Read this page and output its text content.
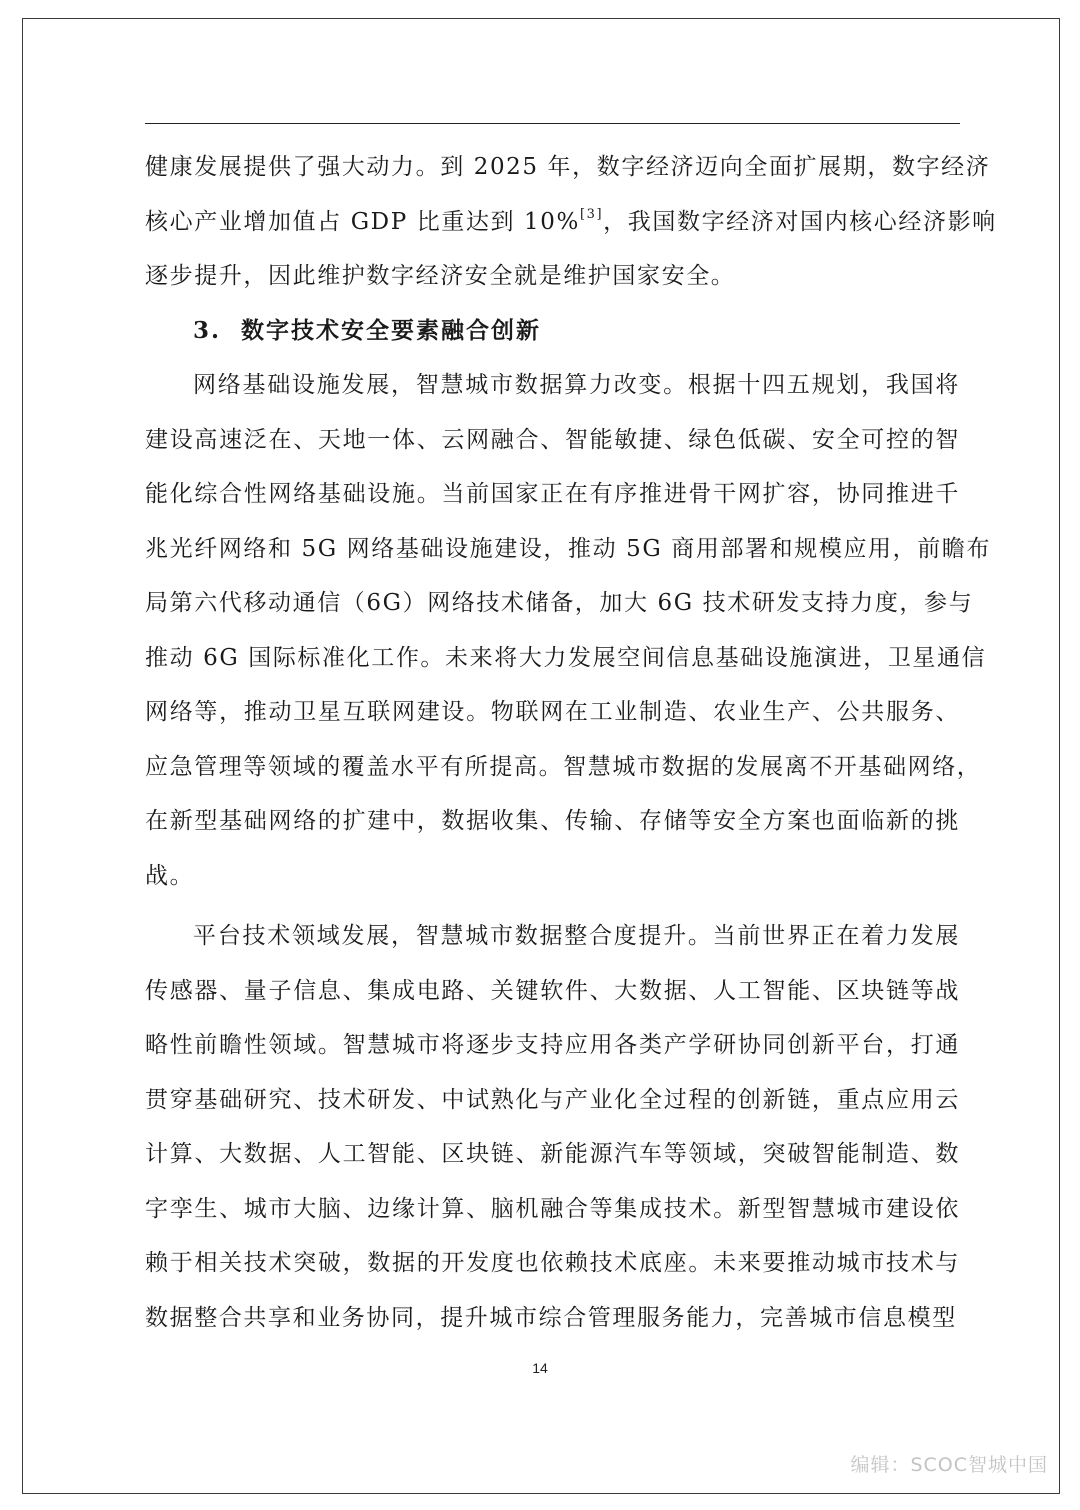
健康发展提供了强大动力。到 2025 年，数字经济迈向全面扩展期，数字经济
核心产业增加值占 GDP 比重达到 10%[3]，我国数字经济对国内核心经济影响
逐步提升，因此维护数字经济安全就是维护国家安全。
3. 数字技术安全要素融合创新
网络基础设施发展，智慧城市数据算力改变。根据十四五规划，我国将
建设高速泛在、天地一体、云网融合、智能敏捷、绿色低碳、安全可控的智
能化综合性网络基础设施。当前国家正在有序推进骨干网扩容，协同推进千
兆光纤网络和 5G 网络基础设施建设，推动 5G 商用部署和规模应用，前瞻布
局第六代移动通信（6G）网络技术储备，加大 6G 技术研发支持力度，参与
推动 6G 国际标准化工作。未来将大力发展空间信息基础设施演进，卫星通信
网络等，推动卫星互联网建设。物联网在工业制造、农业生产、公共服务、
应急管理等领域的覆盖水平有所提高。智慧城市数据的发展离不开基础网络，
在新型基础网络的扩建中，数据收集、传输、存储等安全方案也面临新的挑
战。
平台技术领域发展，智慧城市数据整合度提升。当前世界正在着力发展
传感器、量子信息、集成电路、关键软件、大数据、人工智能、区块链等战
略性前瞻性领域。智慧城市将逐步支持应用各类产学研协同创新平台，打通
贯穿基础研究、技术研发、中试熟化与产业化全过程的创新链，重点应用云
计算、大数据、人工智能、区块链、新能源汽车等领域，突破智能制造、数
字孪生、城市大脑、边缘计算、脑机融合等集成技术。新型智慧城市建设依
赖于相关技术突破，数据的开发度也依赖技术底座。未来要推动城市技术与
数据整合共享和业务协同，提升城市综合管理服务能力，完善城市信息模型
14
编辑：SCOC智城中国
